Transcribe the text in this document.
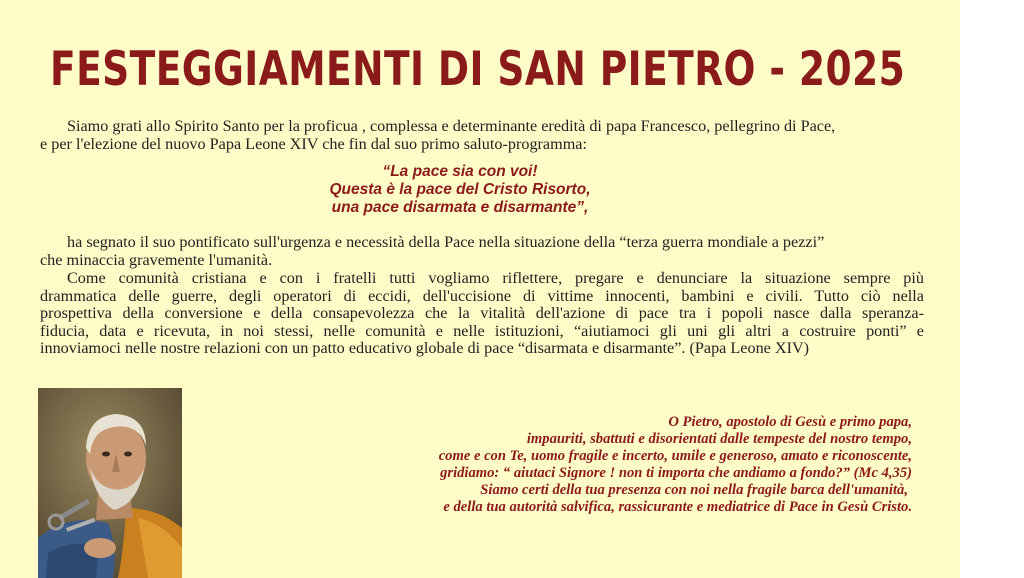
FESTEGGIAMENTI DI SAN PIETRO - 2025
Siamo grati allo Spirito Santo per la proficua , complessa e determinante eredità di papa Francesco, pellegrino di Pace,
e per l'elezione del nuovo Papa Leone XIV che fin dal suo primo saluto-programma:
“La pace sia con voi!
Questa è la pace del Cristo Risorto,
una pace disarmata e disarmante”,
ha segnato il suo pontificato sull'urgenza e necessità della Pace nella situazione della “terza guerra mondiale a pezzi”
che minaccia gravemente l'umanità.
Come comunità cristiana e con i fratelli tutti vogliamo riflettere, pregare e denunciare la situazione sempre più
drammatica delle guerre, degli operatori di eccidi, dell'uccisione di vittime innocenti, bambini e civili. Tutto ciò nella
prospettiva della conversione e della consapevolezza che la vitalità dell'azione di pace tra i popoli nasce dalla speranza-
fiducia, data e ricevuta, in noi stessi, nelle comunità e nelle istituzioni, “aiutiamoci gli uni gli altri a costruire ponti” e
innoviamoci nelle nostre relazioni con un patto educativo globale di pace “disarmata e disarmante”. (Papa Leone XIV)
O Pietro, apostolo di Gesù e primo papa,
impauriti, sbattuti e disorientati dalle tempeste del nostro tempo,
come e con Te, uomo fragile e incerto, umile e generoso, amato e riconoscente,
gridiamo: “ aiutaci Signore ! non ti importa che andiamo a fondo?” (Mc 4,35)
Siamo certi della tua presenza con noi nella fragile barca dell'umanità,
e della tua autorità salvifica, rassicurante e mediatrice di Pace in Gesù Cristo.
